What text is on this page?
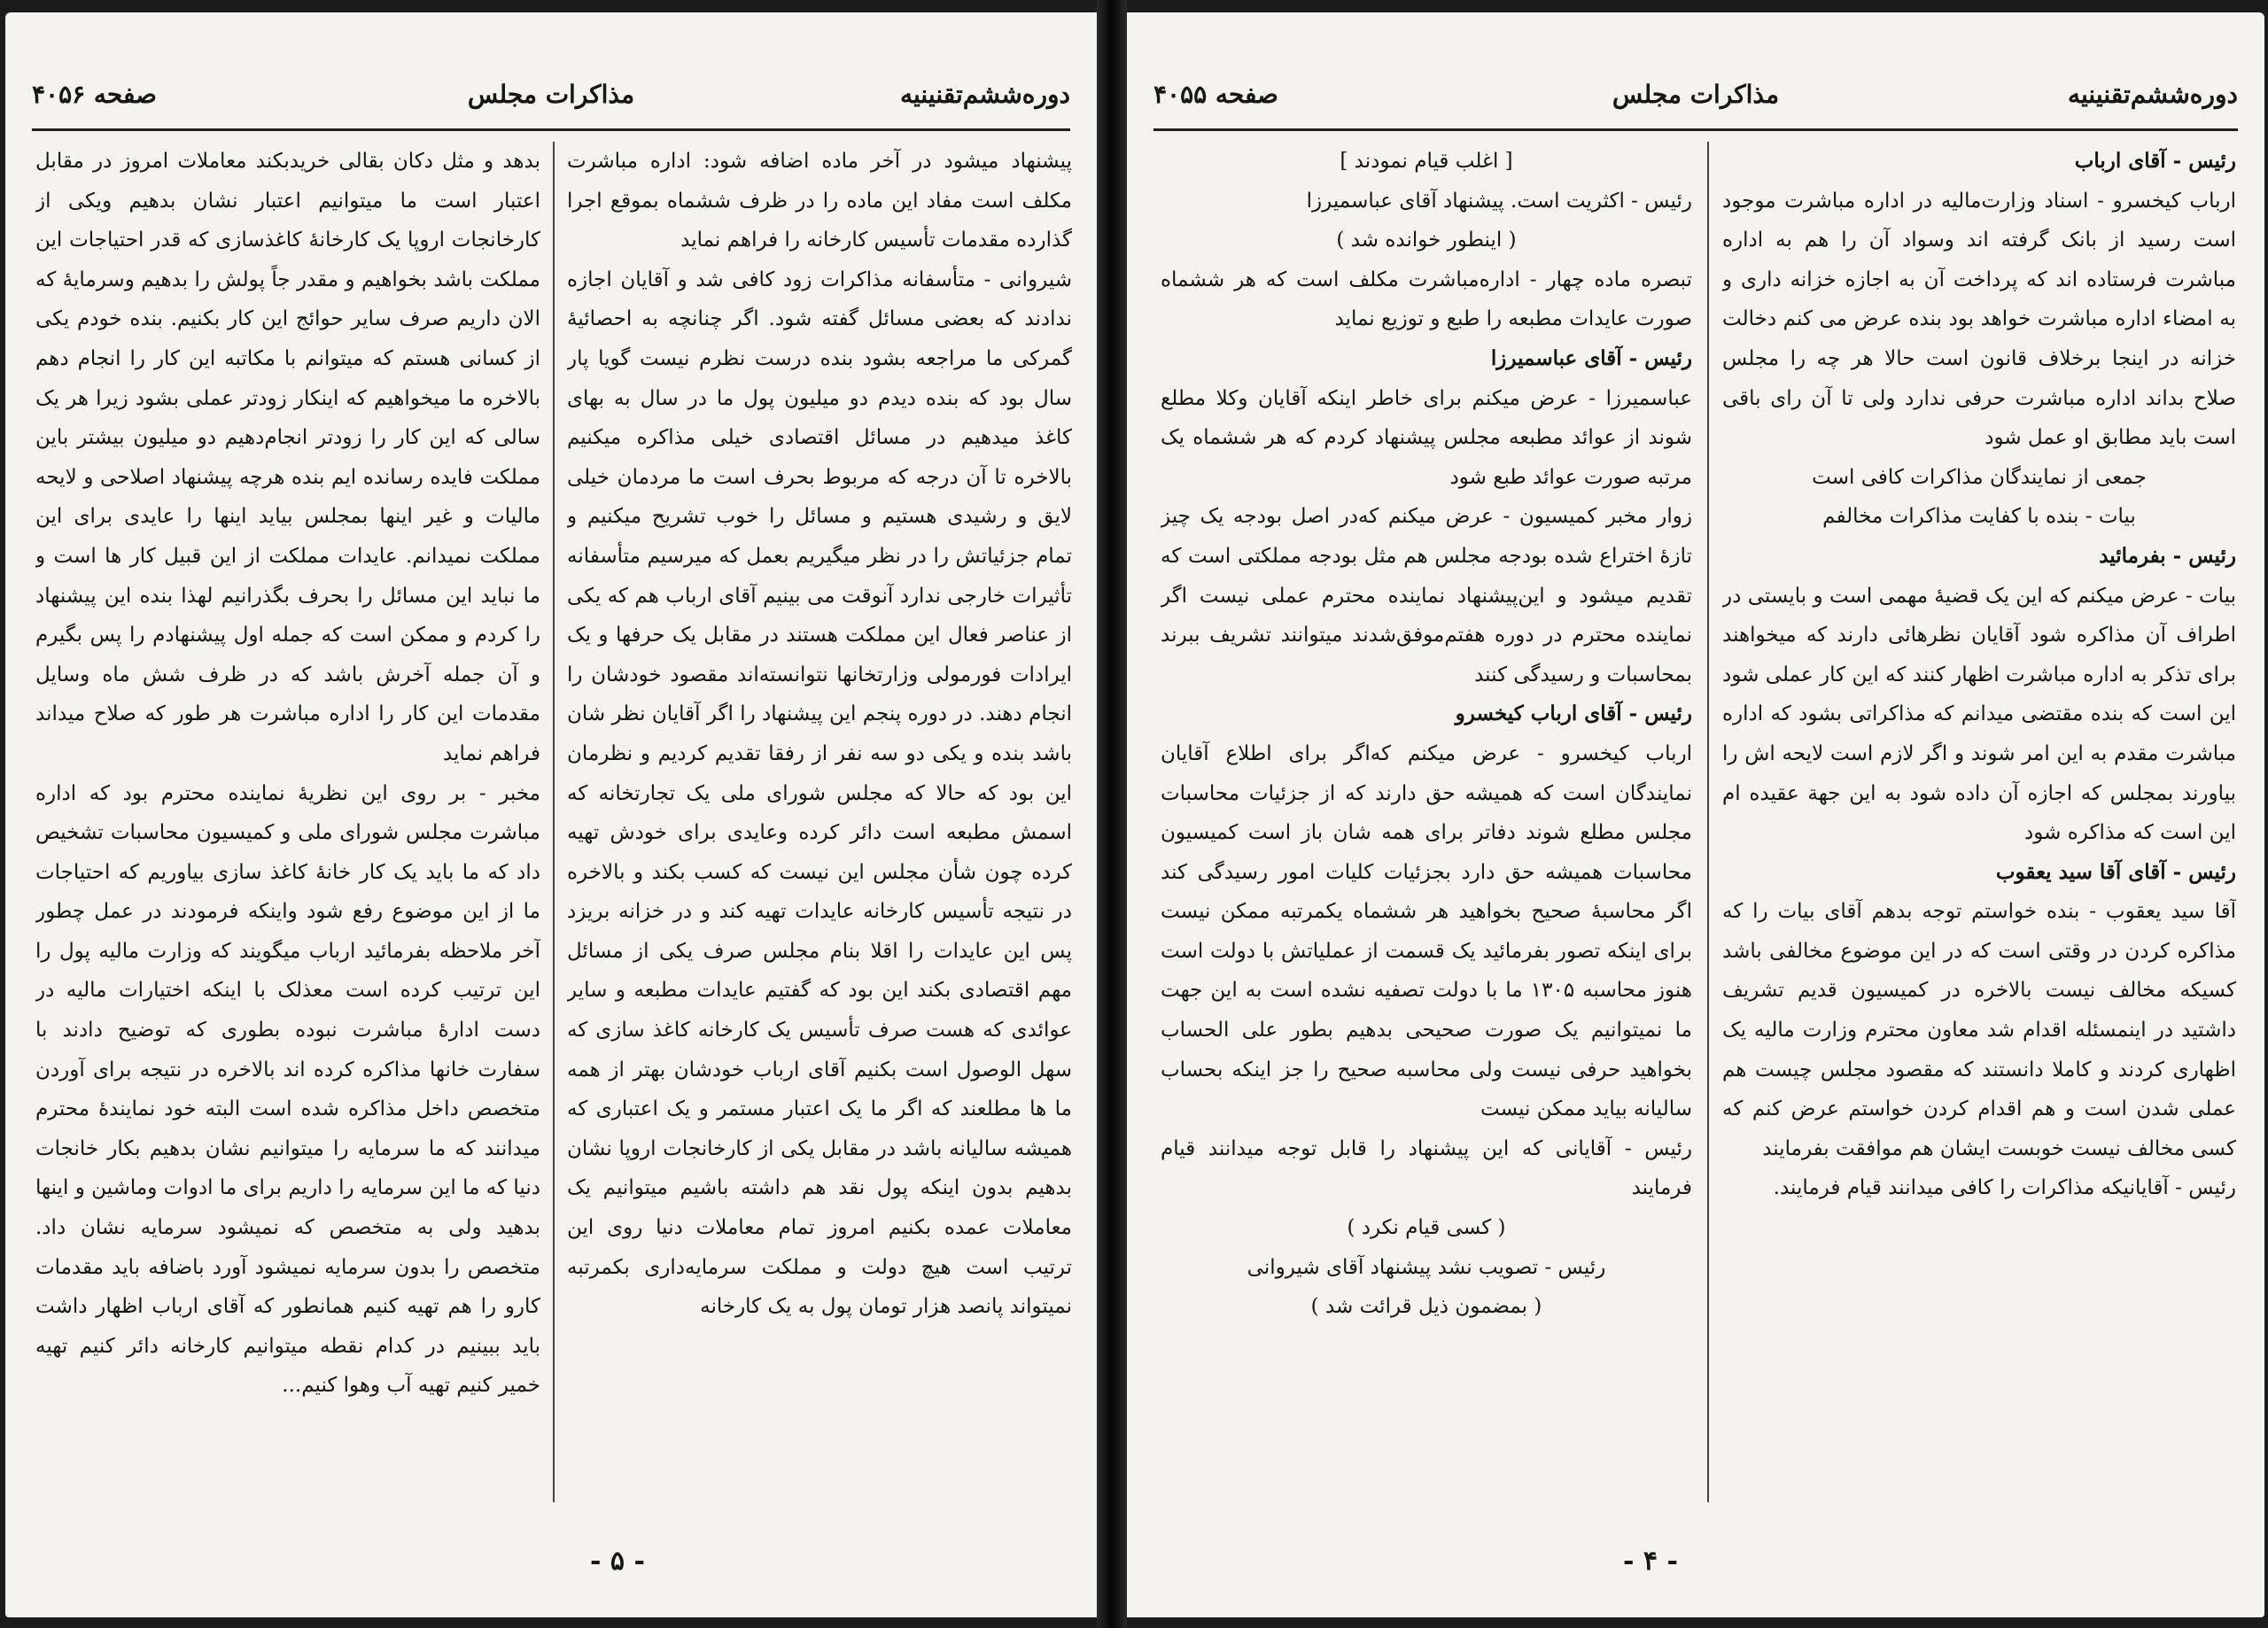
دوره‌ششم‌تقنینیه
مذاکرات مجلس
صفحه ۴۰۵۶

پیشنهاد میشود در آخر ماده اضافه شود: اداره مباشرت مکلف است مفاد این ماده را در ظرف ششماه بموقع اجرا گذارده مقدمات تأسیس کارخانه را فراهم نماید

شیروانی - متأسفانه مذاکرات زود کافی شد و آقایان اجازه ندادند که بعضی مسائل گفته شود. اگر چنانچه به احصائیهٔ گمرکی ما مراجعه بشود بنده درست نظرم نیست گویا پار سال بود که بنده دیدم دو میلیون پول ما در سال به بهای کاغذ میدهیم در مسائل اقتصادی خیلی مذاکره میکنیم بالاخره تا آن درجه که مربوط بحرف است ما مردمان خیلی لایق و رشیدی هستیم و مسائل را خوب تشریح میکنیم و تمام جزئیاتش را در نظر میگیریم بعمل که میرسیم متأسفانه تأثیرات خارجی ندارد آنوقت می بینیم آقای ارباب هم که یکی از عناصر فعال این مملکت هستند در مقابل یک حرفها و یک ایرادات فورمولی وزارتخانها نتوانسته‌اند مقصود خودشان را انجام دهند. در دوره پنجم این پیشنهاد را اگر آقایان نظر شان باشد بنده و یکی دو سه نفر از رفقا تقدیم کردیم و نظرمان این بود که حالا که مجلس شورای ملی یک تجارتخانه که اسمش مطبعه است دائر کرده وعایدی برای خودش تهیه کرده چون شأن مجلس این نیست که کسب بکند و بالاخره در نتیجه تأسیس کارخانه عایدات تهیه کند و در خزانه بریزد پس این عایدات را اقلا بنام مجلس صرف یکی از مسائل مهم اقتصادی بکند این بود که گفتیم عایدات مطبعه و سایر عوائدی که هست صرف تأسیس یک کارخانه کاغذ سازی که سهل الوصول است بکنیم آقای ارباب خودشان بهتر از همه ما ها مطلعند که اگر ما یک اعتبار مستمر و یک اعتباری که همیشه سالیانه باشد در مقابل یکی از کارخانجات اروپا نشان بدهیم بدون اینکه پول نقد هم داشته باشیم میتوانیم یک معاملات عمده بکنیم امروز تمام معاملات دنیا روی این ترتیب است هیچ دولت و مملکت سرمایه‌داری بکمرتبه نمیتواند پانصد هزار تومان پول به یک کارخانه

بدهد و مثل دکان بقالی خریدبکند معاملات امروز در مقابل اعتبار است ما میتوانیم اعتبار نشان بدهیم ویکی از کارخانجات اروپا یک کارخانهٔ کاغذسازی که قدر احتیاجات این مملکت باشد بخواهیم و مقدر جاً پولش را بدهیم وسرمایهٔ که الان داریم صرف سایر حوائج این کار بکنیم. بنده خودم یکی از کسانی هستم که میتوانم با مکاتبه این کار را انجام دهم بالاخره ما میخواهیم که اینکار زودتر عملی بشود زیرا هر یک سالی که این کار را زودتر انجام‌دهیم دو میلیون بیشتر باین مملکت فایده رسانده ایم بنده هرچه پیشنهاد اصلاحی و لایحه مالیات و غیر اینها بمجلس بیاید اینها را عایدی برای این مملکت نمیدانم. عایدات مملکت از این قبیل کار ها است و ما نباید این مسائل را بحرف بگذرانیم لهذا بنده این پیشنهاد را کردم و ممکن است که جمله اول پیشنهادم را پس بگیرم و آن جمله آخرش باشد که در ظرف شش ماه وسایل مقدمات این کار را اداره مباشرت هر طور که صلاح میداند فراهم نماید

مخبر - بر روی این نظریهٔ نماینده محترم بود که اداره مباشرت مجلس شورای ملی و کمیسیون محاسبات تشخیص داد که ما باید یک کار خانهٔ کاغذ سازی بیاوریم که احتیاجات ما از این موضوع رفع شود واینکه فرمودند در عمل چطور آخر ملاحظه بفرمائید ارباب میگویند که وزارت مالیه پول را این ترتیب کرده است معذلک با اینکه اختیارات مالیه در دست ادارهٔ مباشرت نبوده بطوری که توضیح دادند با سفارت خانها مذاکره کرده اند بالاخره در نتیجه برای آوردن متخصص داخل مذاکره شده است البته خود نمایندهٔ محترم میدانند که ما سرمایه را میتوانیم نشان بدهیم بکار خانجات دنیا که ما این سرمایه را داریم برای ما ادوات وماشین و اینها بدهید ولی به متخصص که نمیشود سرمایه نشان داد. متخصص را بدون سرمایه نمیشود آورد باضافه باید مقدمات کارو را هم تهیه کنیم همانطور که آقای ارباب اظهار داشت باید ببینیم در کدام نقطه میتوانیم کارخانه دائر کنیم تهیه خمیر کنیم تهیه آب وهوا کنیم...

- ۵ -
دوره‌ششم‌تقنینیه
مذاکرات مجلس
صفحه ۴۰۵۵

رئیس - آقای ارباب

ارباب کیخسرو - اسناد وزارت‌مالیه در اداره مباشرت موجود است رسید از بانک گرفته اند وسواد آن را هم به اداره مباشرت فرستاده اند که پرداخت آن به اجازه خزانه داری و به امضاء اداره مباشرت خواهد بود بنده عرض می کنم دخالت خزانه در اینجا برخلاف قانون است حالا هر چه را مجلس صلاح بداند اداره مباشرت حرفی ندارد ولی تا آن رای باقی است باید مطابق او عمل شود

جمعی از نمایندگان مذاکرات کافی است

بیات - بنده با کفایت مذاکرات مخالفم

رئیس - بفرمائید

بیات - عرض میکنم که این یک قضیهٔ مهمی است و بایستی در اطراف آن مذاکره شود آقایان نظرهائی دارند که میخواهند برای تذکر به اداره مباشرت اظهار کنند که این کار عملی شود این است که بنده مقتضی میدانم که مذاکراتی بشود که اداره مباشرت مقدم به این امر شوند و اگر لازم است لایحه اش را بیاورند بمجلس که اجازه آن داده شود به این جهة عقیده ام این است که مذاکره شود

رئیس - آقای آقا سید یعقوب

آقا سید یعقوب - بنده خواستم توجه بدهم آقای بیات را که مذاکره کردن در وقتی است که در این موضوع مخالفی باشد کسیکه مخالف نیست بالاخره در کمیسیون قدیم تشریف داشتید در اینمسئله اقدام شد معاون محترم وزارت مالیه یک اظهاری کردند و کاملا دانستند که مقصود مجلس چیست هم عملی شدن است و هم اقدام کردن خواستم عرض کنم که کسی مخالف نیست خوبست ایشان هم موافقت بفرمایند

رئیس - آقایانیکه مذاکرات را کافی میدانند قیام فرمایند.

[ اغلب قیام نمودند ]

رئیس - اکثریت است. پیشنهاد آقای عباسمیرزا

( اینطور خوانده شد )

تبصره ماده چهار - اداره‌مباشرت مکلف است که هر ششماه صورت عایدات مطبعه را طبع و توزیع نماید

رئیس - آقای عباسمیرزا

عباسمیرزا - عرض میکنم برای خاطر اینکه آقایان وکلا مطلع شوند از عوائد مطبعه مجلس پیشنهاد کردم که هر ششماه یک مرتبه صورت عوائد طبع شود

زوار مخبر کمیسیون - عرض میکنم که‌در اصل بودجه یک چیز تازهٔ اختراع شده بودجه مجلس هم مثل بودجه مملکتی است که تقدیم میشود و این‌پیشنهاد نماینده محترم عملی نیست اگر نماینده محترم در دوره هفتم‌موفق‌شدند میتوانند تشریف ببرند بمحاسبات و رسیدگی کنند

رئیس - آقای ارباب کیخسرو

ارباب کیخسرو - عرض میکنم که‌اگر برای اطلاع آقایان نمایندگان است که همیشه حق دارند که از جزئیات محاسبات مجلس مطلع شوند دفاتر برای همه شان باز است کمیسیون محاسبات همیشه حق دارد بجزئیات کلیات امور رسیدگی کند اگر محاسبهٔ صحیح بخواهید هر ششماه یکمرتبه ممکن نیست برای اینکه تصور بفرمائید یک قسمت از عملیاتش با دولت است هنوز محاسبه ۱۳۰۵ ما با دولت تصفیه نشده است به این جهت ما نمیتوانیم یک صورت صحیحی بدهیم بطور علی الحساب بخواهید حرفی نیست ولی محاسبه صحیح را جز اینکه بحساب سالیانه بیاید ممکن نیست

رئیس - آقایانی که این پیشنهاد را قابل توجه میدانند قیام فرمایند

( کسی قیام نکرد )

رئیس - تصویب نشد پیشنهاد آقای شیروانی

( بمضمون ذیل قرائت شد )

- ۴ -
